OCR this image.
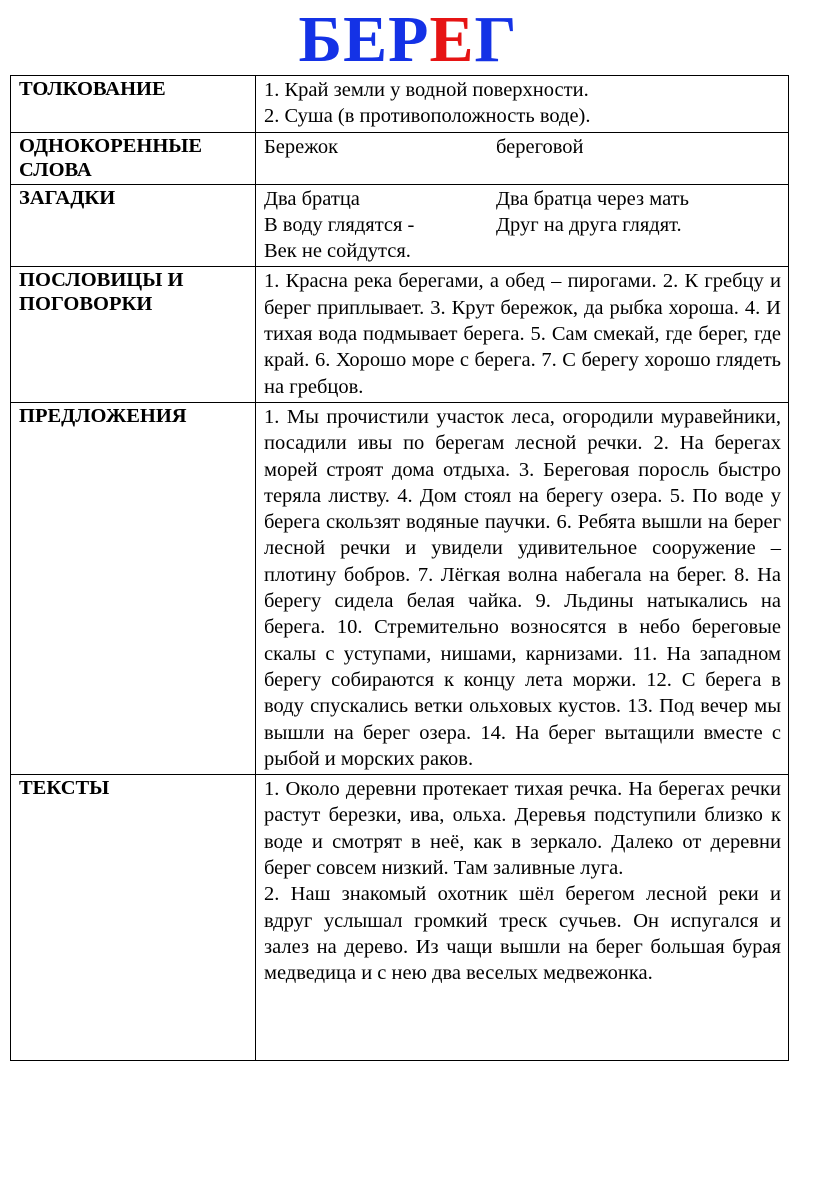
БЕРЕГ
ТОЛКОВАНИЕ	1. Край земли у водной поверхности.
2. Суша (в противоположность воде).

ОДНОКОРЕННЫЕ СЛОВА	Бережок береговой

ЗАГАДКИ	Два братца Два братца через мать
В воду глядятся - Друг на друга глядят.
Век не сойдутся.

ПОСЛОВИЦЫ И ПОГОВОРКИ	1. Красна река берегами, а обед – пирогами. 2. К гребцу и берег приплывает. 3. Крут бережок, да рыбка хороша. 4. И тихая вода подмывает берега. 5. Сам смекай, где берег, где край. 6. Хорошо море с берега. 7. С берегу хорошо глядеть на гребцов.
ПРЕДЛОЖЕНИЯ	1. Мы прочистили участок леса, огородили муравейники, посадили ивы по берегам лесной речки. 2. На берегах морей строят дома отдыха. 3. Береговая поросль быстро теряла листву. 4. Дом стоял на берегу озера. 5. По воде у берега скользят водяные паучки. 6. Ребята вышли на берег лесной речки и увидели удивительное сооружение – плотину бобров. 7. Лёгкая волна набегала на берег. 8. На берегу сидела белая чайка. 9. Льдины натыкались на берега. 10. Стремительно возносятся в небо береговые скалы с уступами, нишами, карнизами. 11. На западном берегу собираются к концу лета моржи. 12. С берега в воду спускались ветки ольховых кустов. 13. Под вечер мы вышли на берег озера. 14. На берег вытащили вместе с рыбой и морских раков.
ТЕКСТЫ	1. Около деревни протекает тихая речка. На берегах речки растут березки, ива, ольха. Деревья подступили близко к воде и смотрят в неё, как в зеркало. Далеко от деревни берег совсем низкий. Там заливные луга.
2. Наш знакомый охотник шёл берегом лесной реки и вдруг услышал громкий треск сучьев. Он испугался и залез на дерево. Из чащи вышли на берег большая бурая медведица и с нею два веселых медвежонка.
